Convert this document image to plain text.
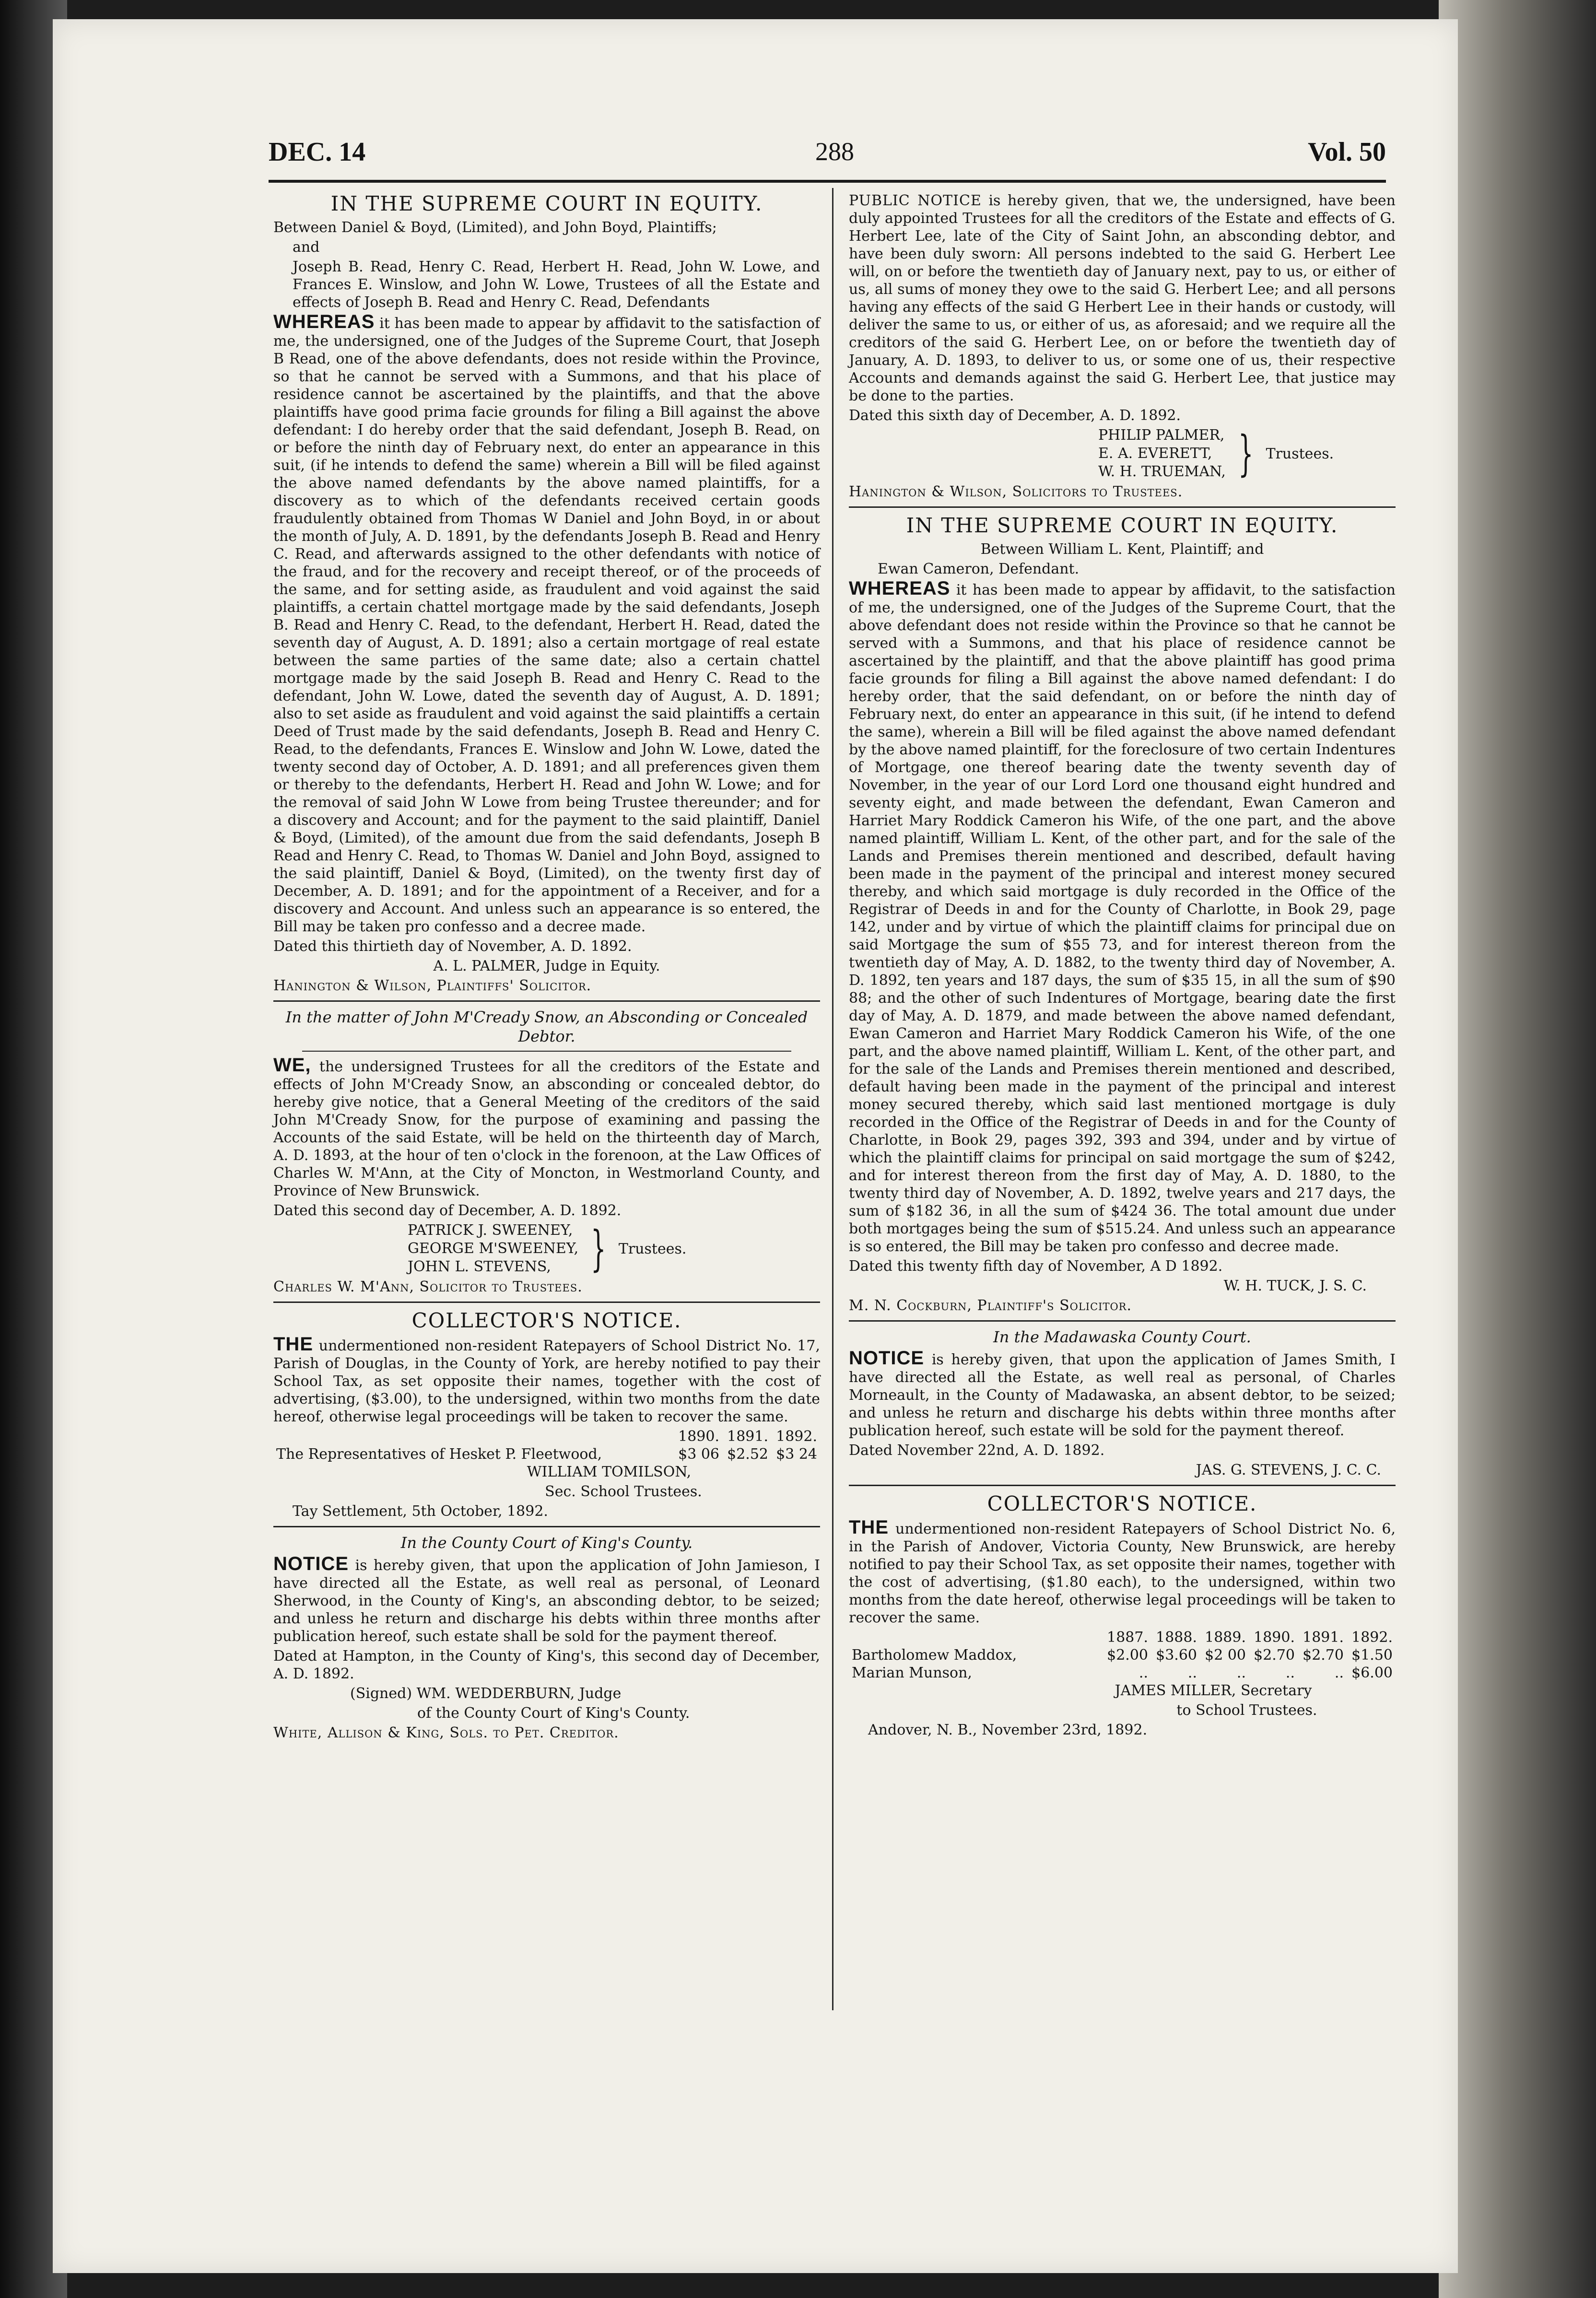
DEC. 14	288	Vol. 50
IN THE SUPREME COURT IN EQUITY.

Between Daniel & Boyd, (Limited), and John Boyd, Plaintiffs;

and

Joseph B. Read, Henry C. Read, Herbert H. Read, John W. Lowe, and Frances E. Winslow, and John W. Lowe, Trustees of all the Estate and effects of Joseph B. Read and Henry C. Read, Defendants

WHEREAS it has been made to appear by affidavit to the satisfaction of me, the undersigned, one of the Judges of the Supreme Court, that Joseph B Read, one of the above defendants, does not reside within the Province, so that he cannot be served with a Summons, and that his place of residence cannot be ascertained by the plaintiffs, and that the above plaintiffs have good prima facie grounds for filing a Bill against the above defendant: I do hereby order that the said defendant, Joseph B. Read, on or before the ninth day of February next, do enter an appearance in this suit, (if he intends to defend the same) wherein a Bill will be filed against the above named defendants by the above named plaintiffs, for a discovery as to which of the defendants received certain goods fraudulently obtained from Thomas W Daniel and John Boyd, in or about the month of July, A. D. 1891, by the defendants Joseph B. Read and Henry C. Read, and afterwards assigned to the other defendants with notice of the fraud, and for the recovery and receipt thereof, or of the proceeds of the same, and for setting aside, as fraudulent and void against the said plaintiffs, a certain chattel mortgage made by the said defendants, Joseph B. Read and Henry C. Read, to the defendant, Herbert H. Read, dated the seventh day of August, A. D. 1891; also a certain mortgage of real estate between the same parties of the same date; also a certain chattel mortgage made by the said Joseph B. Read and Henry C. Read to the defendant, John W. Lowe, dated the seventh day of August, A. D. 1891; also to set aside as fraudulent and void against the said plaintiffs a certain Deed of Trust made by the said defendants, Joseph B. Read and Henry C. Read, to the defendants, Frances E. Winslow and John W. Lowe, dated the twenty second day of October, A. D. 1891; and all preferences given them or thereby to the defendants, Herbert H. Read and John W. Lowe; and for the removal of said John W Lowe from being Trustee thereunder; and for a discovery and Account; and for the payment to the said plaintiff, Daniel & Boyd, (Limited), of the amount due from the said defendants, Joseph B Read and Henry C. Read, to Thomas W. Daniel and John Boyd, assigned to the said plaintiff, Daniel & Boyd, (Limited), on the twenty first day of December, A. D. 1891; and for the appointment of a Receiver, and for a discovery and Account. And unless such an appearance is so entered, the Bill may be taken pro confesso and a decree made.

Dated this thirtieth day of November, A. D. 1892.

A. L. PALMER, Judge in Equity.

Hanington & Wilson, Plaintiffs' Solicitor.

In the matter of John M'Cready Snow, an Absconding or Concealed Debtor.

WE, the undersigned Trustees for all the creditors of the Estate and effects of John M'Cready Snow, an absconding or concealed debtor, do hereby give notice, that a General Meeting of the creditors of the said John M'Cready Snow, for the purpose of examining and passing the Accounts of the said Estate, will be held on the thirteenth day of March, A. D. 1893, at the hour of ten o'clock in the forenoon, at the Law Offices of Charles W. M'Ann, at the City of Moncton, in Westmorland County, and Province of New Brunswick.

Dated this second day of December, A. D. 1892.

PATRICK J. SWEENEY,
GEORGE M'SWEENEY,
JOHN L. STEVENS, } Trustees.

Charles W. M'Ann, Solicitor to Trustees.

COLLECTOR'S NOTICE.

THE undermentioned non-resident Ratepayers of School District No. 17, Parish of Douglas, in the County of York, are hereby notified to pay their School Tax, as set opposite their names, together with the cost of advertising, ($3.00), to the undersigned, within two months from the date hereof, otherwise legal proceedings will be taken to recover the same.

	1890.	1891.	1892.
The Representatives of Hesket P. Fleetwood,	$3 06	$2.52	$3 24

WILLIAM TOMILSON,

Sec. School Trustees.

Tay Settlement, 5th October, 1892.

In the County Court of King's County.

NOTICE is hereby given, that upon the application of John Jamieson, I have directed all the Estate, as well real as personal, of Leonard Sherwood, in the County of King's, an absconding debtor, to be seized; and unless he return and discharge his debts within three months after publication hereof, such estate shall be sold for the payment thereof.

Dated at Hampton, in the County of King's, this second day of December, A. D. 1892.

(Signed) WM. WEDDERBURN, Judge

of the County Court of King's County.

White, Allison & King, Sols. to Pet. Creditor.

PUBLIC NOTICE is hereby given, that we, the undersigned, have been duly appointed Trustees for all the creditors of the Estate and effects of G. Herbert Lee, late of the City of Saint John, an absconding debtor, and have been duly sworn: All persons indebted to the said G. Herbert Lee will, on or before the twentieth day of January next, pay to us, or either of us, all sums of money they owe to the said G. Herbert Lee; and all persons having any effects of the said G Herbert Lee in their hands or custody, will deliver the same to us, or either of us, as aforesaid; and we require all the creditors of the said G. Herbert Lee, on or before the twentieth day of January, A. D. 1893, to deliver to us, or some one of us, their respective Accounts and demands against the said G. Herbert Lee, that justice may be done to the parties.

Dated this sixth day of December, A. D. 1892.

PHILIP PALMER,
E. A. EVERETT,
W. H. TRUEMAN, } Trustees.

Hanington & Wilson, Solicitors to Trustees.

IN THE SUPREME COURT IN EQUITY.

Between William L. Kent, Plaintiff; and

Ewan Cameron, Defendant.

WHEREAS it has been made to appear by affidavit, to the satisfaction of me, the undersigned, one of the Judges of the Supreme Court, that the above defendant does not reside within the Province so that he cannot be served with a Summons, and that his place of residence cannot be ascertained by the plaintiff, and that the above plaintiff has good prima facie grounds for filing a Bill against the above named defendant: I do hereby order, that the said defendant, on or before the ninth day of February next, do enter an appearance in this suit, (if he intend to defend the same), wherein a Bill will be filed against the above named defendant by the above named plaintiff, for the foreclosure of two certain Indentures of Mortgage, one thereof bearing date the twenty seventh day of November, in the year of our Lord Lord one thousand eight hundred and seventy eight, and made between the defendant, Ewan Cameron and Harriet Mary Roddick Cameron his Wife, of the one part, and the above named plaintiff, William L. Kent, of the other part, and for the sale of the Lands and Premises therein mentioned and described, default having been made in the payment of the principal and interest money secured thereby, and which said mortgage is duly recorded in the Office of the Registrar of Deeds in and for the County of Charlotte, in Book 29, page 142, under and by virtue of which the plaintiff claims for principal due on said Mortgage the sum of $55 73, and for interest thereon from the twentieth day of May, A. D. 1882, to the twenty third day of November, A. D. 1892, ten years and 187 days, the sum of $35 15, in all the sum of $90 88; and the other of such Indentures of Mortgage, bearing date the first day of May, A. D. 1879, and made between the above named defendant, Ewan Cameron and Harriet Mary Roddick Cameron his Wife, of the one part, and the above named plaintiff, William L. Kent, of the other part, and for the sale of the Lands and Premises therein mentioned and described, default having been made in the payment of the principal and interest money secured thereby, which said last mentioned mortgage is duly recorded in the Office of the Registrar of Deeds in and for the County of Charlotte, in Book 29, pages 392, 393 and 394, under and by virtue of which the plaintiff claims for principal on said mortgage the sum of $242, and for interest thereon from the first day of May, A. D. 1880, to the twenty third day of November, A. D. 1892, twelve years and 217 days, the sum of $182 36, in all the sum of $424 36. The total amount due under both mortgages being the sum of $515.24. And unless such an appearance is so entered, the Bill may be taken pro confesso and decree made.

Dated this twenty fifth day of November, A D 1892.

W. H. TUCK, J. S. C.

M. N. Cockburn, Plaintiff's Solicitor.

In the Madawaska County Court.

NOTICE is hereby given, that upon the application of James Smith, I have directed all the Estate, as well real as personal, of Charles Morneault, in the County of Madawaska, an absent debtor, to be seized; and unless he return and discharge his debts within three months after publication hereof, such estate will be sold for the payment thereof.

Dated November 22nd, A. D. 1892.

JAS. G. STEVENS, J. C. C.

COLLECTOR'S NOTICE.

THE undermentioned non-resident Ratepayers of School District No. 6, in the Parish of Andover, Victoria County, New Brunswick, are hereby notified to pay their School Tax, as set opposite their names, together with the cost of advertising, ($1.80 each), to the undersigned, within two months from the date hereof, otherwise legal proceedings will be taken to recover the same.

	1887.	1888.	1889.	1890.	1891.	1892.
Bartholomew Maddox,	$2.00	$3.60	$2 00	$2.70	$2.70	$1.50
Marian Munson,	..	..	..	..	..	$6.00

JAMES MILLER, Secretary

to School Trustees.

Andover, N. B., November 23rd, 1892.
